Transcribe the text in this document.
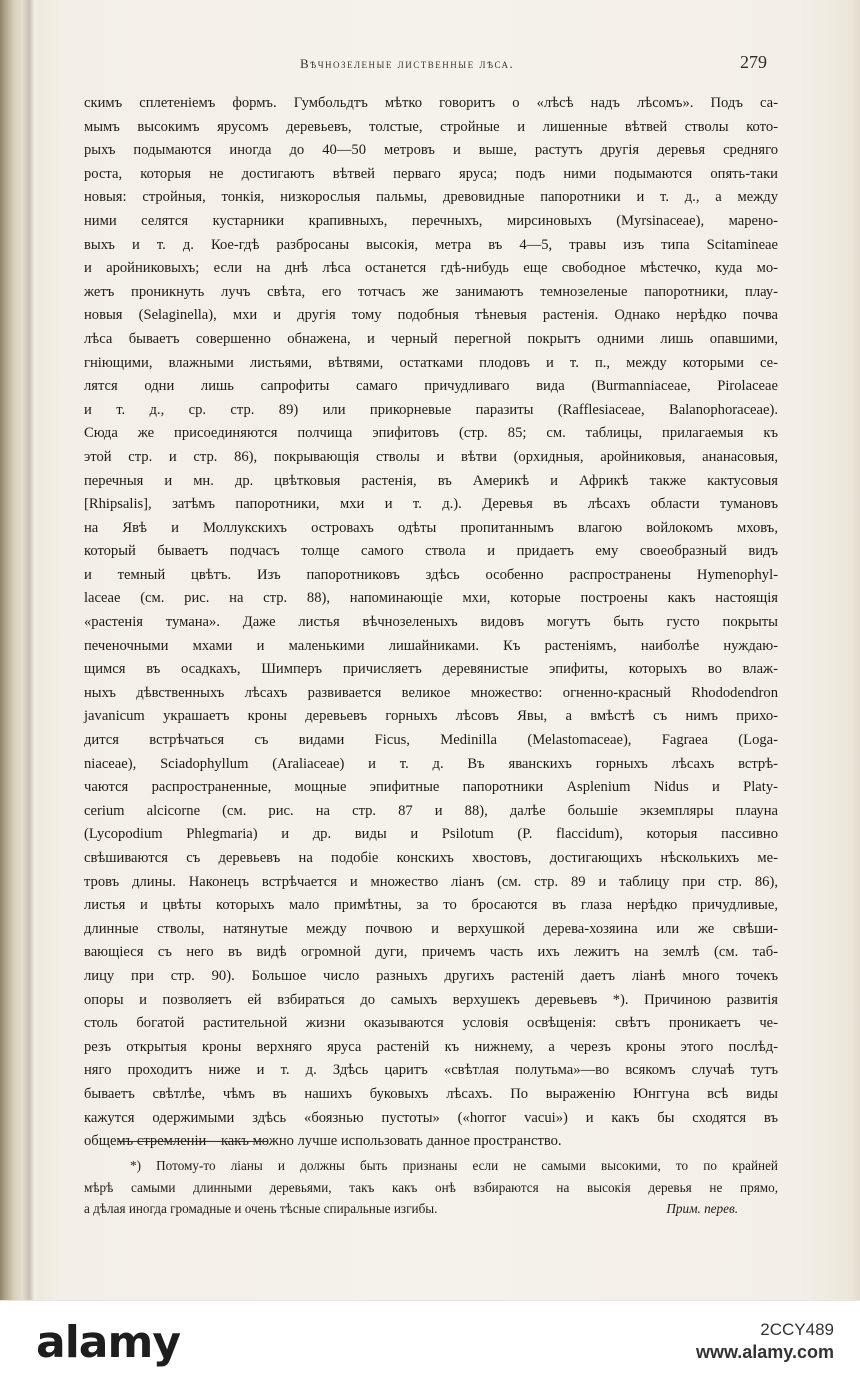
Вѣчнозеленые лиственные лѣса.	279
скимъ сплетенiемъ формъ. Гумбольдтъ мѣтко говоритъ о «лѣсѣ надъ лѣсомъ». Подъ са-
мымъ высокимъ ярусомъ деревьевъ, толстые, стройные и лишенные вѣтвей стволы кото-
рыхъ подымаются иногда до 40—50 метровъ и выше, растутъ другiя деревья средняго
роста, которыя не достигаютъ вѣтвей перваго яруса; подъ ними подымаются опять-таки
новыя: стройныя, тонкiя, низкорослыя пальмы, древовидные папоротники и т. д., а между
ними селятся кустарники крапивныхъ, перечныхъ, мирсиновыхъ (Myrsinaceae), марено-
выхъ и т. д. Кое-гдѣ разбросаны высокiя, метра въ 4—5, травы изъ типа Scitamineae
и аройниковыхъ; если на днѣ лѣса останется гдѣ-нибудь еще свободное мѣстечко, куда мо-
жетъ проникнуть лучъ свѣта, его тотчасъ же занимаютъ темнозеленые папоротники, плау-
новыя (Selaginella), мхи и другiя тому подобныя тѣневыя растенiя. Однако нерѣдко почва
лѣса бываетъ совершенно обнажена, и черный перегной покрытъ одними лишь опавшими,
гнiющими, влажными листьями, вѣтвями, остатками плодовъ и т. п., между которыми се-
лятся одни лишь сапрофиты самаго причудливаго вида (Burmanniaceae, Pirolaceae
и т. д., ср. стр. 89) или прикорневые паразиты (Rafflesiaceae, Balanophoraceae).
Сюда же присоединяются полчища эпифитовъ (стр. 85; см. таблицы, прилагаемыя къ
этой стр. и стр. 86), покрывающiя стволы и вѣтви (орхидныя, аройниковыя, ананасовыя,
перечныя и мн. др. цвѣтковыя растенiя, въ Америкѣ и Африкѣ также кактусовыя
[Rhipsalis], затѣмъ папоротники, мхи и т. д.). Деревья въ лѣсахъ области тумановъ
на Явѣ и Моллукскихъ островахъ одѣты пропитаннымъ влагою войлокомъ мховъ,
который бываетъ подчасъ толще самого ствола и придаетъ ему своеобразный видъ
и темный цвѣтъ. Изъ папоротниковъ здѣсь особенно распространены Hymenophyl-
laceae (см. рис. на стр. 88), напоминающiе мхи, которые построены какъ настоящiя
«растенiя тумана». Даже листья вѣчнозеленыхъ видовъ могутъ быть густо покрыты
печеночными мхами и маленькими лишайниками. Къ растенiямъ, наиболѣе нуждаю-
щимся въ осадкахъ, Шимперъ причисляетъ деревянистые эпифиты, которыхъ во влаж-
ныхъ дѣвственныхъ лѣсахъ развивается великое множество: огненно-красный Rhododendron
javanicum украшаетъ кроны деревьевъ горныхъ лѣсовъ Явы, а вмѣстѣ съ нимъ прихо-
дится встрѣчаться съ видами Ficus, Medinilla (Melastomaceae), Fagraea (Loga-
niaceae), Sciadophyllum (Araliaceae) и т. д. Въ яванскихъ горныхъ лѣсахъ встрѣ-
чаются распространенные, мощные эпифитные папоротники Asplenium Nidus и Platy-
cerium alcicorne (см. рис. на стр. 87 и 88), далѣе большiе экземпляры плауна
(Lycopodium Phlegmaria) и др. виды и Psilotum (P. flaccidum), которыя пассивно
свѣшиваются съ деревьевъ на подобiе конскихъ хвостовъ, достигающихъ нѣсколькихъ ме-
тровъ длины. Наконецъ встрѣчается и множество лiанъ (см. стр. 89 и таблицу при стр. 86),
листья и цвѣты которыхъ мало примѣтны, за то бросаются въ глаза нерѣдко причудливые,
длинные стволы, натянутые между почвою и верхушкой дерева-хозяина или же свѣши-
вающiеся съ него въ видѣ огромной дуги, причемъ часть ихъ лежитъ на землѣ (см. таб-
лицу при стр. 90). Большое число разныхъ другихъ растенiй даетъ лiанѣ много точекъ
опоры и позволяетъ ей взбираться до самыхъ верхушекъ деревьевъ *). Причиною развитiя
столь богатой растительной жизни оказываются условiя освѣщенiя: свѣтъ проникаетъ че-
резъ открытыя кроны верхняго яруса растенiй къ нижнему, а черезъ кроны этого послѣд-
няго проходитъ ниже и т. д. Здѣсь царитъ «свѣтлая полутьма»—во всякомъ случаѣ тутъ
бываетъ свѣтлѣе, чѣмъ въ нашихъ буковыхъ лѣсахъ. По выраженiю Юнггуна всѣ виды
кажутся одержимыми здѣсь «боязнью пустоты» («horror vacui») и какъ бы сходятся въ
общемъ стремленiи—какъ можно лучше использовать данное пространство.
*) Потому-то лiаны и должны быть признаны если не самыми высокими, то по крайней
мѣрѣ самыми длинными деревьями, такъ какъ онѣ взбираются на высокiя деревья не прямо,
а дѣлая иногда громадные и очень тѣсные спиральные изгибы.	Прим. перев.
alamy	2CCY489
www.alamy.com
